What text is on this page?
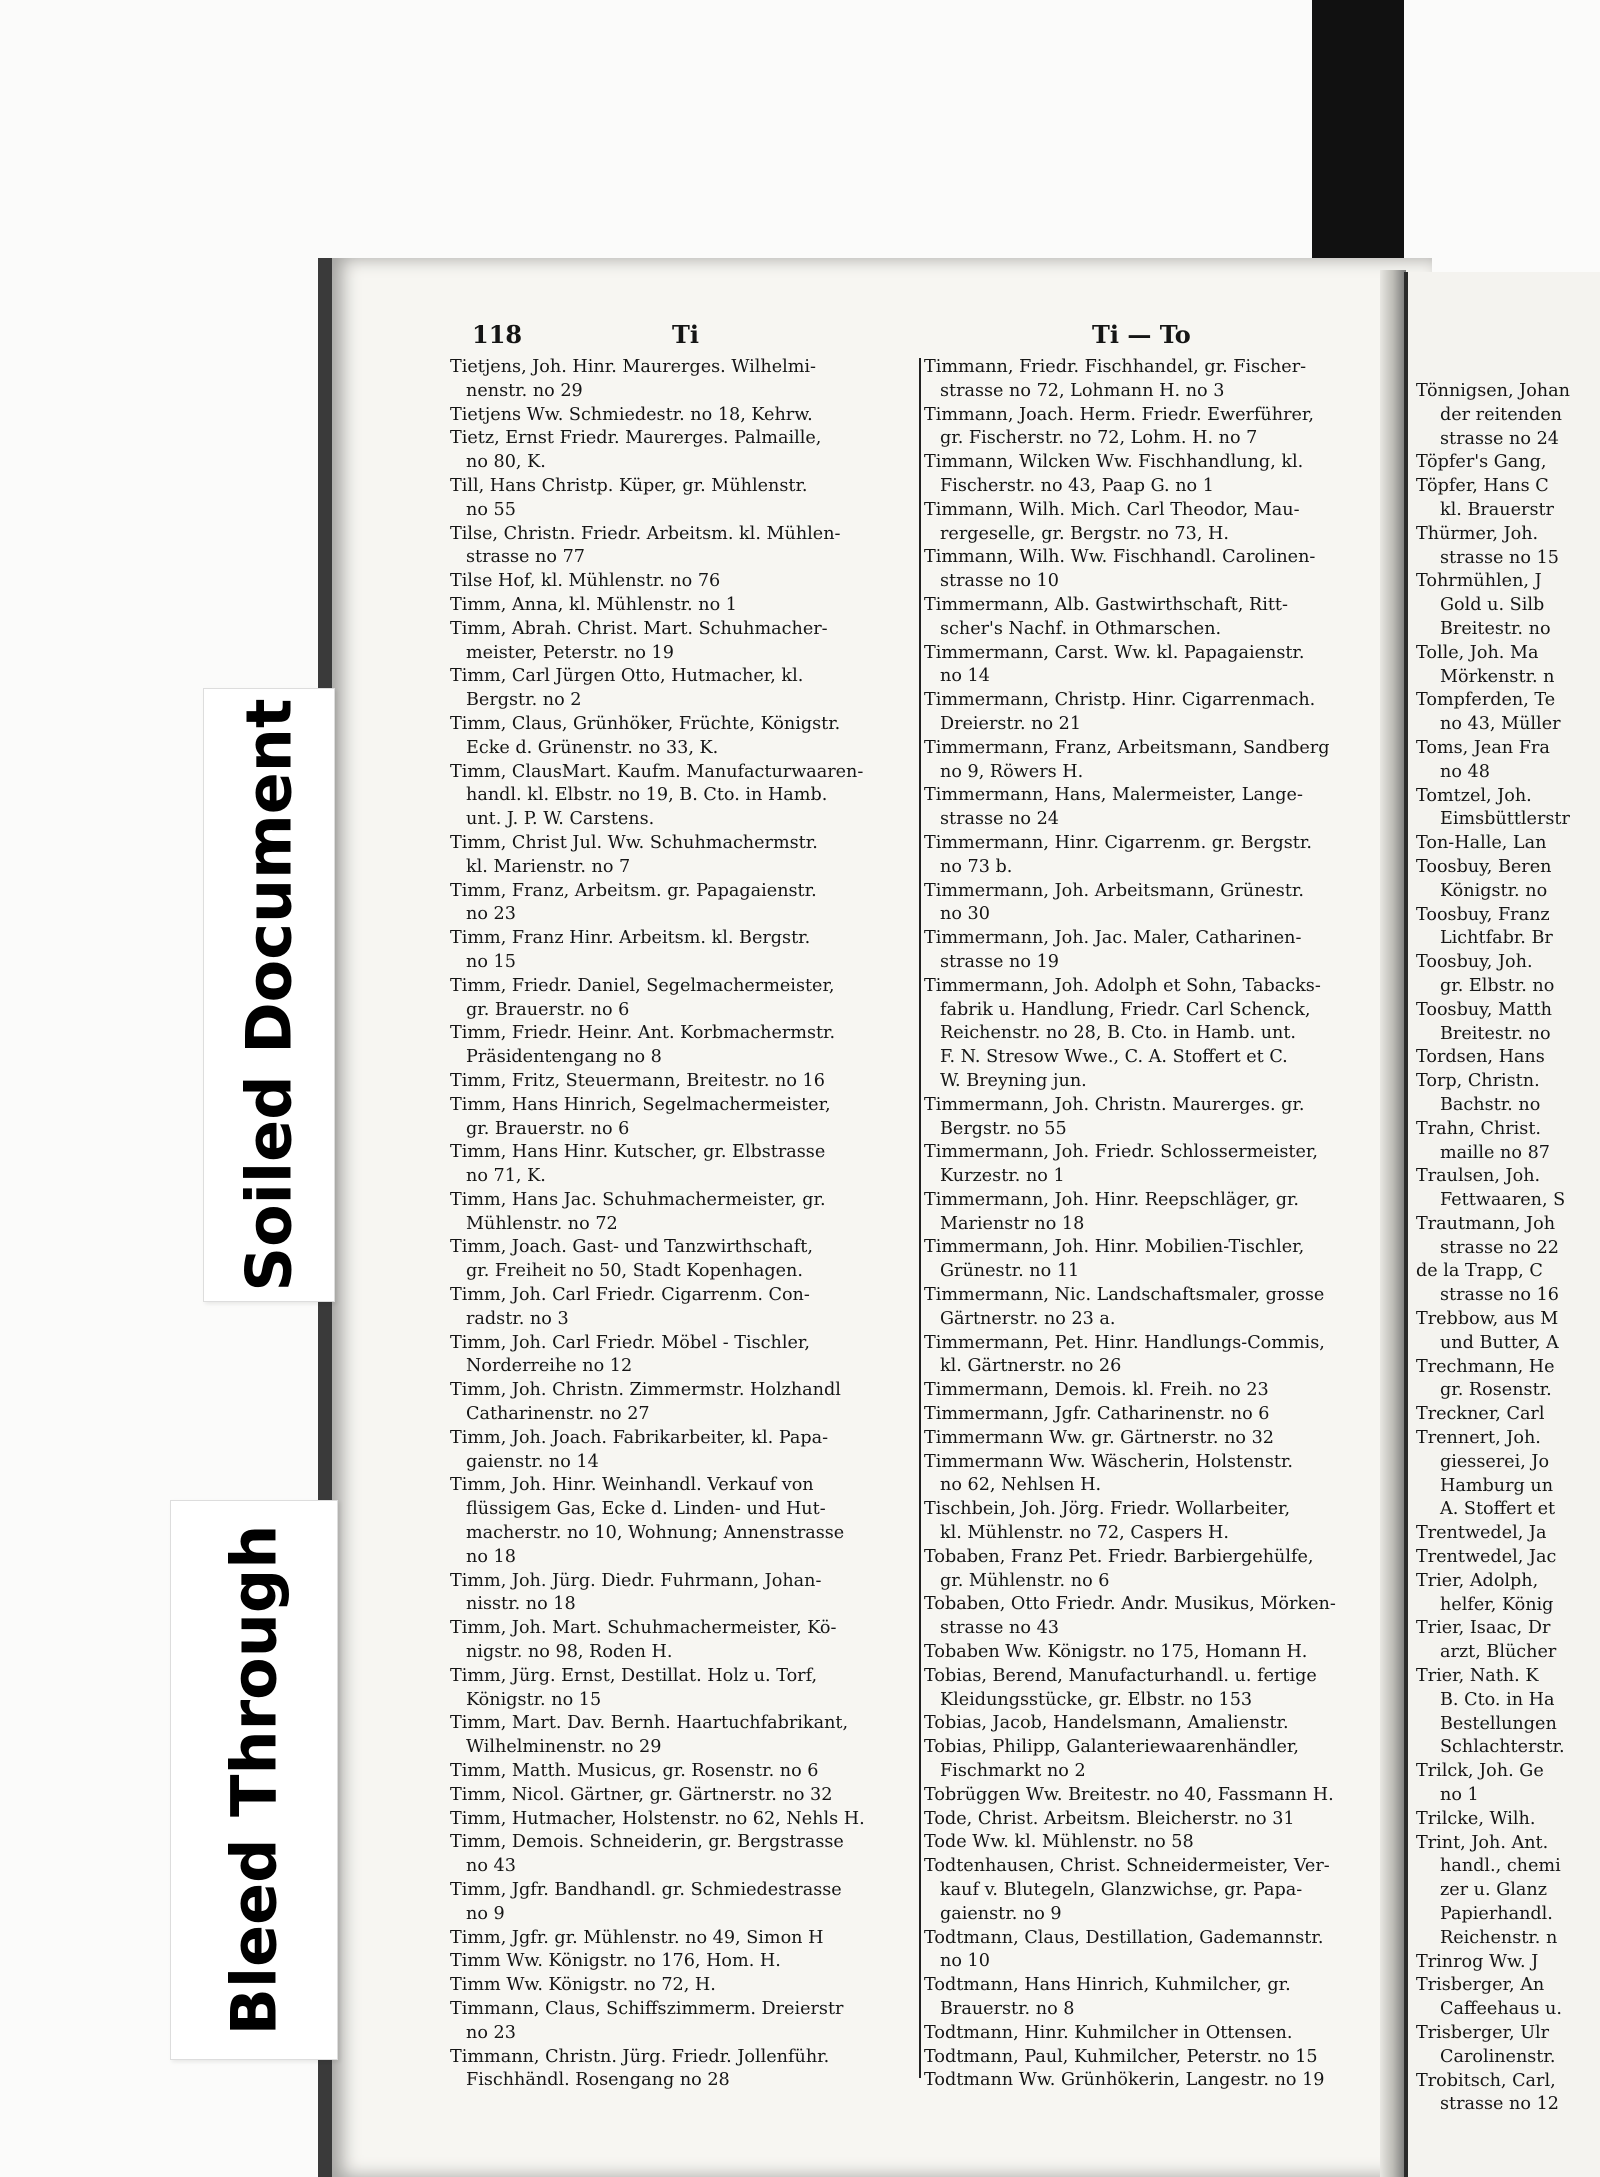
118	Ti	Ti — To
Tietjens, Joh. Hinr. Maurerges. Wilhelmi-
nenstr. no 29
Tietjens Ww. Schmiedestr. no 18, Kehrw.
Tietz, Ernst Friedr. Maurerges. Palmaille,
no 80, K.
Till, Hans Christp. Küper, gr. Mühlenstr.
no 55
Tilse, Christn. Friedr. Arbeitsm. kl. Mühlen-
strasse no 77
Tilse Hof, kl. Mühlenstr. no 76
Timm, Anna, kl. Mühlenstr. no 1
Timm, Abrah. Christ. Mart. Schuhmacher-
meister, Peterstr. no 19
Timm, Carl Jürgen Otto, Hutmacher, kl.
Bergstr. no 2
Timm, Claus, Grünhöker, Früchte, Königstr.
Ecke d. Grünenstr. no 33, K.
Timm, ClausMart. Kaufm. Manufacturwaaren-
handl. kl. Elbstr. no 19, B. Cto. in Hamb.
unt. J. P. W. Carstens.
Timm, Christ Jul. Ww. Schuhmachermstr.
kl. Marienstr. no 7
Timm, Franz, Arbeitsm. gr. Papagaienstr.
no 23
Timm, Franz Hinr. Arbeitsm. kl. Bergstr.
no 15
Timm, Friedr. Daniel, Segelmachermeister,
gr. Brauerstr. no 6
Timm, Friedr. Heinr. Ant. Korbmachermstr.
Präsidentengang no 8
Timm, Fritz, Steuermann, Breitestr. no 16
Timm, Hans Hinrich, Segelmachermeister,
gr. Brauerstr. no 6
Timm, Hans Hinr. Kutscher, gr. Elbstrasse
no 71, K.
Timm, Hans Jac. Schuhmachermeister, gr.
Mühlenstr. no 72
Timm, Joach. Gast- und Tanzwirthschaft,
gr. Freiheit no 50, Stadt Kopenhagen.
Timm, Joh. Carl Friedr. Cigarrenm. Con-
radstr. no 3
Timm, Joh. Carl Friedr. Möbel - Tischler,
Norderreihe no 12
Timm, Joh. Christn. Zimmermstr. Holzhandl
Catharinenstr. no 27
Timm, Joh. Joach. Fabrikarbeiter, kl. Papa-
gaienstr. no 14
Timm, Joh. Hinr. Weinhandl. Verkauf von
flüssigem Gas, Ecke d. Linden- und Hut-
macherstr. no 10, Wohnung; Annenstrasse
no 18
Timm, Joh. Jürg. Diedr. Fuhrmann, Johan-
nisstr. no 18
Timm, Joh. Mart. Schuhmachermeister, Kö-
nigstr. no 98, Roden H.
Timm, Jürg. Ernst, Destillat. Holz u. Torf,
Königstr. no 15
Timm, Mart. Dav. Bernh. Haartuchfabrikant,
Wilhelminenstr. no 29
Timm, Matth. Musicus, gr. Rosenstr. no 6
Timm, Nicol. Gärtner, gr. Gärtnerstr. no 32
Timm, Hutmacher, Holstenstr. no 62, Nehls H.
Timm, Demois. Schneiderin, gr. Bergstrasse
no 43
Timm, Jgfr. Bandhandl. gr. Schmiedestrasse
no 9
Timm, Jgfr. gr. Mühlenstr. no 49, Simon H
Timm Ww. Königstr. no 176, Hom. H.
Timm Ww. Königstr. no 72, H.
Timmann, Claus, Schiffszimmerm. Dreierstr
no 23
Timmann, Christn. Jürg. Friedr. Jollenführ.
Fischhändl. Rosengang no 28
Timmann, Friedr. Fischhandel, gr. Fischer-
strasse no 72, Lohmann H. no 3
Timmann, Joach. Herm. Friedr. Ewerführer,
gr. Fischerstr. no 72, Lohm. H. no 7
Timmann, Wilcken Ww. Fischhandlung, kl.
Fischerstr. no 43, Paap G. no 1
Timmann, Wilh. Mich. Carl Theodor, Mau-
rergeselle, gr. Bergstr. no 73, H.
Timmann, Wilh. Ww. Fischhandl. Carolinen-
strasse no 10
Timmermann, Alb. Gastwirthschaft, Ritt-
scher's Nachf. in Othmarschen.
Timmermann, Carst. Ww. kl. Papagaienstr.
no 14
Timmermann, Christp. Hinr. Cigarrenmach.
Dreierstr. no 21
Timmermann, Franz, Arbeitsmann, Sandberg
no 9, Röwers H.
Timmermann, Hans, Malermeister, Lange-
strasse no 24
Timmermann, Hinr. Cigarrenm. gr. Bergstr.
no 73 b.
Timmermann, Joh. Arbeitsmann, Grünestr.
no 30
Timmermann, Joh. Jac. Maler, Catharinen-
strasse no 19
Timmermann, Joh. Adolph et Sohn, Tabacks-
fabrik u. Handlung, Friedr. Carl Schenck,
Reichenstr. no 28, B. Cto. in Hamb. unt.
F. N. Stresow Wwe., C. A. Stoffert et C.
W. Breyning jun.
Timmermann, Joh. Christn. Maurerges. gr.
Bergstr. no 55
Timmermann, Joh. Friedr. Schlossermeister,
Kurzestr. no 1
Timmermann, Joh. Hinr. Reepschläger, gr.
Marienstr no 18
Timmermann, Joh. Hinr. Mobilien-Tischler,
Grünestr. no 11
Timmermann, Nic. Landschaftsmaler, grosse
Gärtnerstr. no 23 a.
Timmermann, Pet. Hinr. Handlungs-Commis,
kl. Gärtnerstr. no 26
Timmermann, Demois. kl. Freih. no 23
Timmermann, Jgfr. Catharinenstr. no 6
Timmermann Ww. gr. Gärtnerstr. no 32
Timmermann Ww. Wäscherin, Holstenstr.
no 62, Nehlsen H.
Tischbein, Joh. Jörg. Friedr. Wollarbeiter,
kl. Mühlenstr. no 72, Caspers H.
Tobaben, Franz Pet. Friedr. Barbiergehülfe,
gr. Mühlenstr. no 6
Tobaben, Otto Friedr. Andr. Musikus, Mörken-
strasse no 43
Tobaben Ww. Königstr. no 175, Homann H.
Tobias, Berend, Manufacturhandl. u. fertige
Kleidungsstücke, gr. Elbstr. no 153
Tobias, Jacob, Handelsmann, Amalienstr.
Tobias, Philipp, Galanteriewaarenhändler,
Fischmarkt no 2
Tobrüggen Ww. Breitestr. no 40, Fassmann H.
Tode, Christ. Arbeitsm. Bleicherstr. no 31
Tode Ww. kl. Mühlenstr. no 58
Todtenhausen, Christ. Schneidermeister, Ver-
kauf v. Blutegeln, Glanzwichse, gr. Papa-
gaienstr. no 9
Todtmann, Claus, Destillation, Gademannstr.
no 10
Todtmann, Hans Hinrich, Kuhmilcher, gr.
Brauerstr. no 8
Todtmann, Hinr. Kuhmilcher in Ottensen.
Todtmann, Paul, Kuhmilcher, Peterstr. no 15
Todtmann Ww. Grünhökerin, Langestr. no 19
Tönnigsen, Johan
der reitenden
strasse no 24
Töpfer's Gang,
Töpfer, Hans C
kl. Brauerstr
Thürmer, Joh.
strasse no 15
Tohrmühlen, J
Gold u. Silb
Breitestr. no
Tolle, Joh. Ma
Mörkenstr. n
Tompferden, Te
no 43, Müller
Toms, Jean Fra
no 48
Tomtzel, Joh.
Eimsbüttlerstr
Ton-Halle, Lan
Toosbuy, Beren
Königstr. no
Toosbuy, Franz
Lichtfabr. Br
Toosbuy, Joh.
gr. Elbstr. no
Toosbuy, Matth
Breitestr. no
Tordsen, Hans
Torp, Christn.
Bachstr. no
Trahn, Christ.
maille no 87
Traulsen, Joh.
Fettwaaren, S
Trautmann, Joh
strasse no 22
de la Trapp, C
strasse no 16
Trebbow, aus M
und Butter, A
Trechmann, He
gr. Rosenstr.
Treckner, Carl
Trennert, Joh.
giesserei, Jo
Hamburg un
A. Stoffert et
Trentwedel, Ja
Trentwedel, Jac
Trier, Adolph,
helfer, König
Trier, Isaac, Dr
arzt, Blücher
Trier, Nath. K
B. Cto. in Ha
Bestellungen
Schlachterstr.
Trilck, Joh. Ge
no 1
Trilcke, Wilh.
Trint, Joh. Ant.
handl., chemi
zer u. Glanz
Papierhandl.
Reichenstr. n
Trinrog Ww. J
Trisberger, An
Caffeehaus u.
Trisberger, Ulr
Carolinenstr.
Trobitsch, Carl,
strasse no 12
Soiled Document
Bleed Through
